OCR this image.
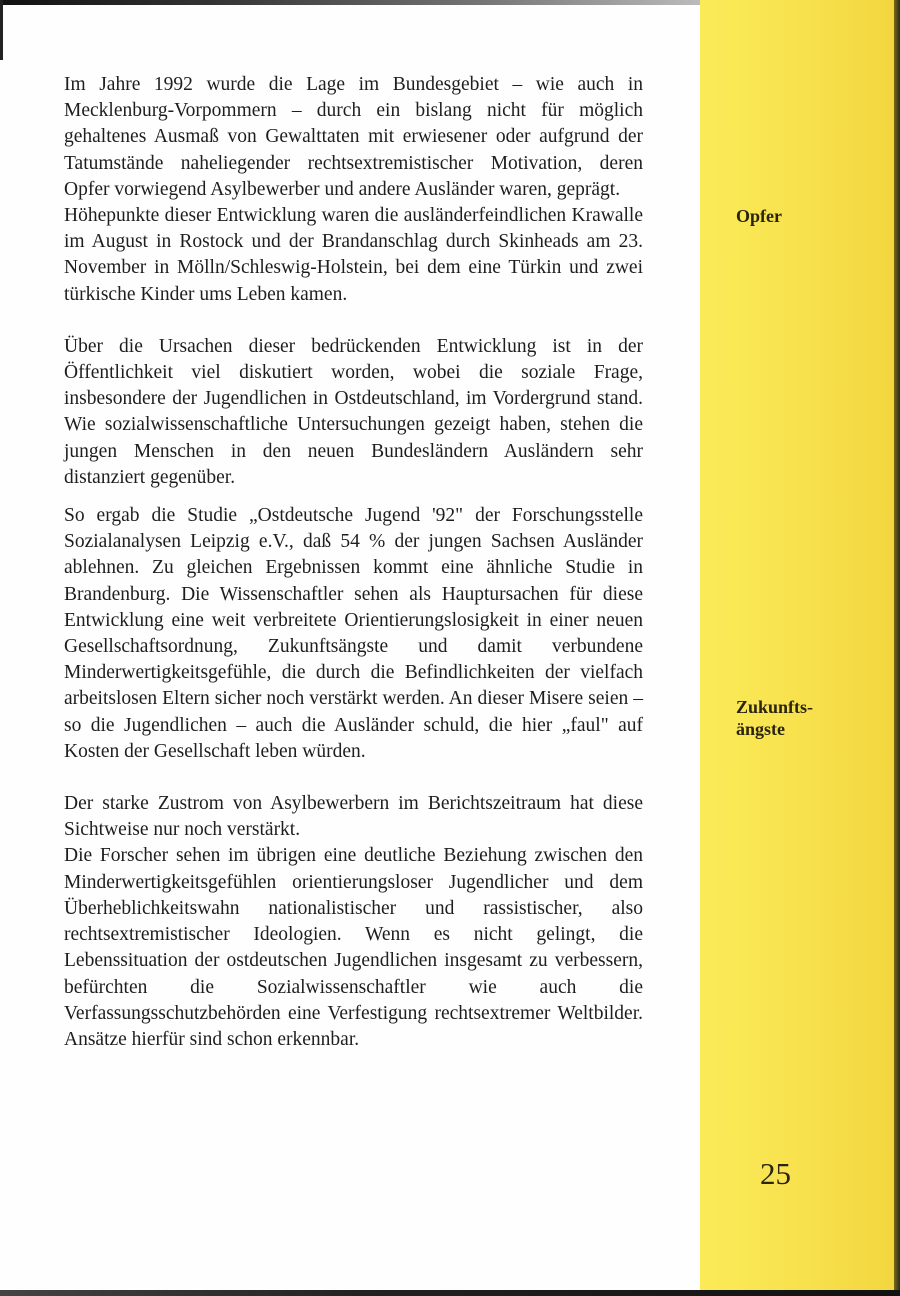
Im Jahre 1992 wurde die Lage im Bundesgebiet – wie auch in Mecklenburg-Vorpommern – durch ein bislang nicht für möglich gehaltenes Ausmaß von Gewalttaten mit erwiesener oder aufgrund der Tatumstände naheliegender rechtsextremistischer Motivation, deren Opfer vorwiegend Asylbewerber und andere Ausländer waren, geprägt.

Höhepunkte dieser Entwicklung waren die ausländerfeindlichen Krawalle im August in Rostock und der Brandanschlag durch Skinheads am 23. November in Mölln/Schleswig-Holstein, bei dem eine Türkin und zwei türkische Kinder ums Leben kamen.

Über die Ursachen dieser bedrückenden Entwicklung ist in der Öffentlichkeit viel diskutiert worden, wobei die soziale Frage, insbesondere der Jugendlichen in Ostdeutschland, im Vordergrund stand. Wie sozialwissenschaftliche Untersuchungen gezeigt haben, stehen die jungen Menschen in den neuen Bundesländern Ausländern sehr distanziert gegenüber.

So ergab die Studie „Ostdeutsche Jugend '92" der Forschungsstelle Sozialanalysen Leipzig e.V., daß 54 % der jungen Sachsen Ausländer ablehnen. Zu gleichen Ergebnissen kommt eine ähnliche Studie in Brandenburg. Die Wissenschaftler sehen als Hauptursachen für diese Entwicklung eine weit verbreitete Orientierungslosigkeit in einer neuen Gesellschaftsordnung, Zukunftsängste und damit verbundene Minderwertigkeitsgefühle, die durch die Befindlichkeiten der vielfach arbeitslosen Eltern sicher noch verstärkt werden. An dieser Misere seien – so die Jugendlichen – auch die Ausländer schuld, die hier „faul" auf Kosten der Gesellschaft leben würden.

Der starke Zustrom von Asylbewerbern im Berichtszeitraum hat diese Sichtweise nur noch verstärkt.

Die Forscher sehen im übrigen eine deutliche Beziehung zwischen den Minderwertigkeitsgefühlen orientierungsloser Jugendlicher und dem Überheblichkeitswahn nationalistischer und rassistischer, also rechtsextremistischer Ideologien. Wenn es nicht gelingt, die Lebenssituation der ostdeutschen Jugendlichen insgesamt zu verbessern, befürchten die Sozialwissenschaftler wie auch die Verfassungsschutzbehörden eine Verfestigung rechtsextremer Weltbilder. Ansätze hierfür sind schon erkennbar.

Opfer
Zukunfts-
ängste
25
